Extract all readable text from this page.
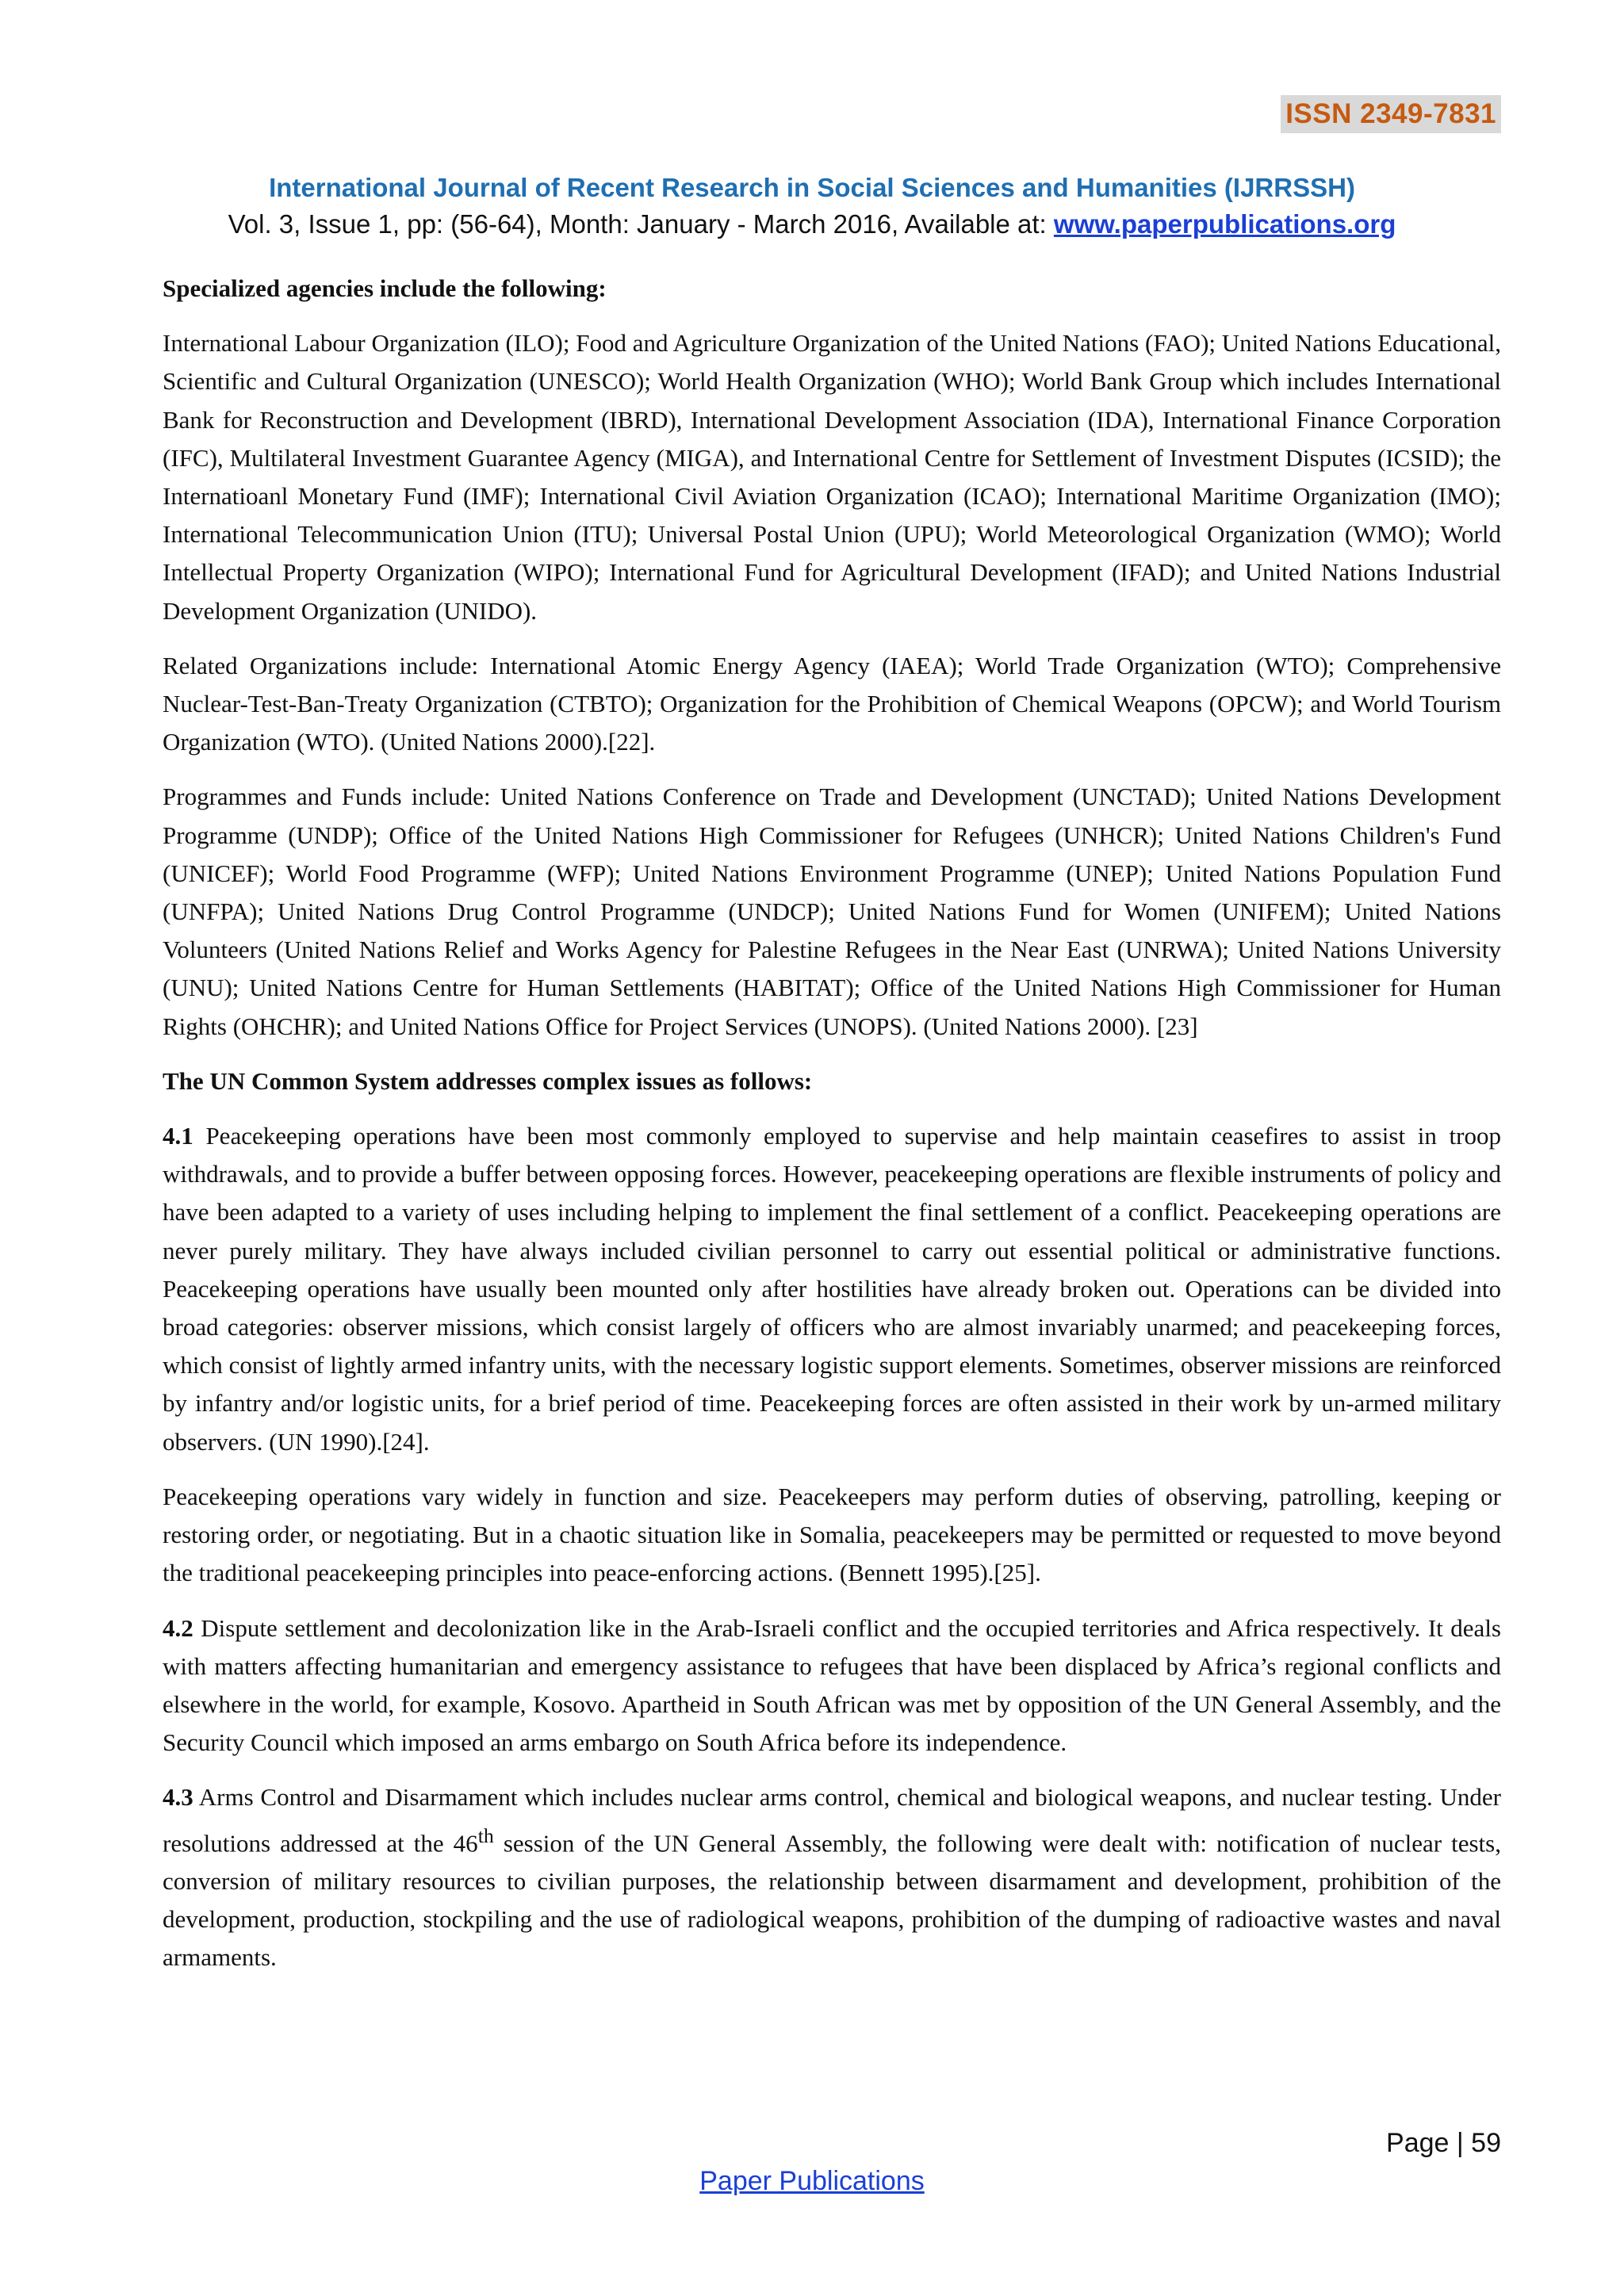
ISSN 2349-7831
International Journal of Recent Research in Social Sciences and Humanities (IJRRSSH)
Vol. 3, Issue 1, pp: (56-64), Month: January - March 2016, Available at: www.paperpublications.org
Specialized agencies include the following:

International Labour Organization (ILO); Food and Agriculture Organization of the United Nations (FAO); United Nations Educational, Scientific and Cultural Organization (UNESCO); World Health Organization (WHO); World Bank Group which includes International Bank for Reconstruction and Development (IBRD), International Development Association (IDA), International Finance Corporation (IFC), Multilateral Investment Guarantee Agency (MIGA), and International Centre for Settlement of Investment Disputes (ICSID); the Internatioanl Monetary Fund (IMF); International Civil Aviation Organization (ICAO); International Maritime Organization (IMO); International Telecommunication Union (ITU); Universal Postal Union (UPU); World Meteorological Organization (WMO); World Intellectual Property Organization (WIPO); International Fund for Agricultural Development (IFAD); and United Nations Industrial Development Organization (UNIDO).

Related Organizations include: International Atomic Energy Agency (IAEA); World Trade Organization (WTO); Comprehensive Nuclear-Test-Ban-Treaty Organization (CTBTO); Organization for the Prohibition of Chemical Weapons (OPCW); and World Tourism Organization (WTO). (United Nations 2000).[22].

Programmes and Funds include: United Nations Conference on Trade and Development (UNCTAD); United Nations Development Programme (UNDP); Office of the United Nations High Commissioner for Refugees (UNHCR); United Nations Children's Fund (UNICEF); World Food Programme (WFP); United Nations Environment Programme (UNEP); United Nations Population Fund (UNFPA); United Nations Drug Control Programme (UNDCP); United Nations Fund for Women (UNIFEM); United Nations Volunteers (United Nations Relief and Works Agency for Palestine Refugees in the Near East (UNRWA); United Nations University (UNU); United Nations Centre for Human Settlements (HABITAT); Office of the United Nations High Commissioner for Human Rights (OHCHR); and United Nations Office for Project Services (UNOPS). (United Nations 2000). [23]

The UN Common System addresses complex issues as follows:

4.1 Peacekeeping operations have been most commonly employed to supervise and help maintain ceasefires to assist in troop withdrawals, and to provide a buffer between opposing forces. However, peacekeeping operations are flexible instruments of policy and have been adapted to a variety of uses including helping to implement the final settlement of a conflict. Peacekeeping operations are never purely military. They have always included civilian personnel to carry out essential political or administrative functions. Peacekeeping operations have usually been mounted only after hostilities have already broken out. Operations can be divided into broad categories: observer missions, which consist largely of officers who are almost invariably unarmed; and peacekeeping forces, which consist of lightly armed infantry units, with the necessary logistic support elements. Sometimes, observer missions are reinforced by infantry and/or logistic units, for a brief period of time. Peacekeeping forces are often assisted in their work by un-armed military observers. (UN 1990).[24].

Peacekeeping operations vary widely in function and size. Peacekeepers may perform duties of observing, patrolling, keeping or restoring order, or negotiating. But in a chaotic situation like in Somalia, peacekeepers may be permitted or requested to move beyond the traditional peacekeeping principles into peace-enforcing actions. (Bennett 1995).[25].

4.2 Dispute settlement and decolonization like in the Arab-Israeli conflict and the occupied territories and Africa respectively. It deals with matters affecting humanitarian and emergency assistance to refugees that have been displaced by Africa’s regional conflicts and elsewhere in the world, for example, Kosovo. Apartheid in South African was met by opposition of the UN General Assembly, and the Security Council which imposed an arms embargo on South Africa before its independence.

4.3 Arms Control and Disarmament which includes nuclear arms control, chemical and biological weapons, and nuclear testing. Under resolutions addressed at the 46th session of the UN General Assembly, the following were dealt with: notification of nuclear tests, conversion of military resources to civilian purposes, the relationship between disarmament and development, prohibition of the development, production, stockpiling and the use of radiological weapons, prohibition of the dumping of radioactive wastes and naval armaments.

Page | 59
Paper Publications
